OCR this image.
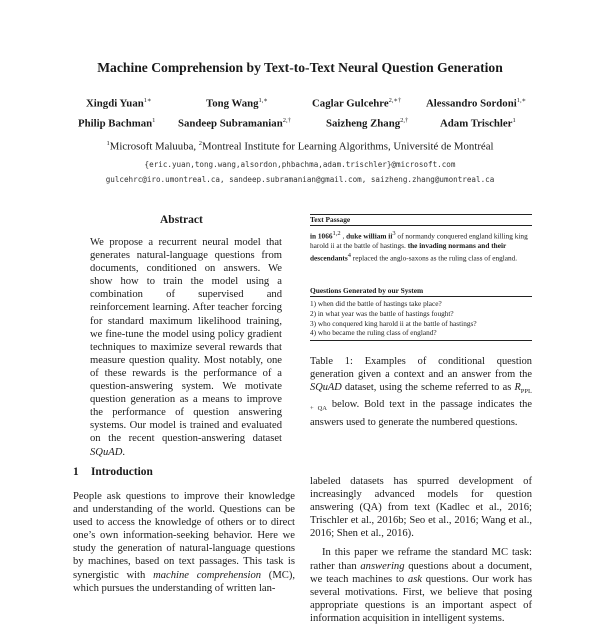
Machine Comprehension by Text-to-Text Neural Question Generation
Xingdi Yuan$^{1∗}$	Tong Wang$^{1,∗}$	Caglar Gulcehre$^{2,∗\dagger}$ Alessandro Sordoni$^{1,∗}$
Philip Bachman$^1$ Sandeep Subramanian$^{2,\dagger}$	Saizheng Zhang$^{2,\dagger}$	Adam Trischler$^1$
$^1$Microsoft Maluuba, $^2$Montreal Institute for Learning Algorithms, Université de Montréal
{eric.yuan,tong.wang,alsordon,phbachma,adam.trischler}@microsoft.com
gulcehrc@iro.umontreal.ca, sandeep.subramanian@gmail.com, saizheng.zhang@umontreal.ca
Abstract
We propose a recurrent neural model that generates natural-language questions from documents, conditioned on answers. We show how to train the model using a combination of supervised and reinforcement learning. After teacher forcing for standard maximum likelihood training, we fine-tune the model using policy gradient techniques to maximize several rewards that measure question quality. Most notably, one of these rewards is the performance of a question-answering system. We motivate question generation as a means to improve the performance of question answering systems. Our model is trained and evaluated on the recent question-answering dataset SQuAD.
1 Introduction
People ask questions to improve their knowledge and understanding of the world. Questions can be used to access the knowledge of others or to direct one’s own information-seeking behavior. Here we study the generation of natural-language questions by machines, based on text passages. This task is synergistic with machine comprehension (MC), which pursues the understanding of written lan-
Text Passage
in 1066$^{1,2}$ , duke william $ii^3$ of normandy conquered england killing king harold ii at the battle of hastings. the invading normans and their descendants$^4$ replaced the anglo-saxons as the ruling class of england.
Questions Generated by our System
1) when did the battle of hastings take place?
2) in what year was the battle of hastings fought?
3) who conquered king harold ii at the battle of hastings?
4) who became the ruling class of england?
Table 1: Examples of conditional question generation given a context and an answer from the SQuAD dataset, using the scheme referred to as $R_{PPL + QA}$ below. Bold text in the passage indicates the answers used to generate the numbered questions.

labeled datasets has spurred development of increasingly advanced models for question answering (QA) from text (Kadlec et al., 2016; Trischler et al., 2016b; Seo et al., 2016; Wang et al., 2016; Shen et al., 2016).

In this paper we reframe the standard MC task: rather than answering questions about a document, we teach machines to ask questions. Our work has several motivations. First, we believe that posing appropriate questions is an important aspect of information acquisition in intelligent systems.
